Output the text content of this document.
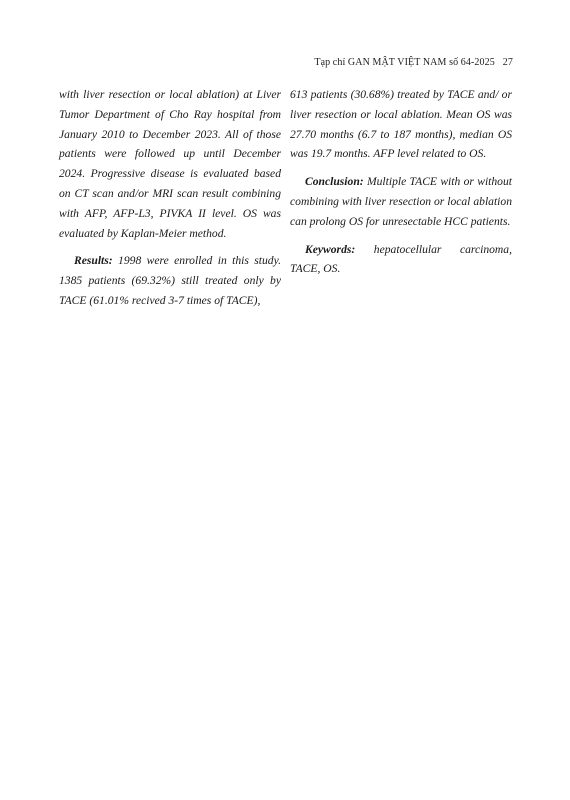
Tạp chí GAN MẬT VIỆT NAM số 64-2025 27

with liver resection or local ablation) at Liver Tumor Department of Cho Ray hospital from January 2010 to December 2023. All of those patients were followed up until December 2024. Progressive disease is evaluated based on CT scan and/or MRI scan result combining with AFP, AFP-L3, PIVKA II level. OS was evaluated by Kaplan-Meier method.

Results: 1998 were enrolled in this study. 1385 patients (69.32%) still treated only by TACE (61.01% recived 3-7 times of TACE),

613 patients (30.68%) treated by TACE and/ or liver resection or local ablation. Mean OS was 27.70 months (6.7 to 187 months), median OS was 19.7 months. AFP level related to OS.

Conclusion: Multiple TACE with or without combining with liver resection or local ablation can prolong OS for unresectable HCC patients.

Keywords: hepatocellular carcinoma, TACE, OS.
